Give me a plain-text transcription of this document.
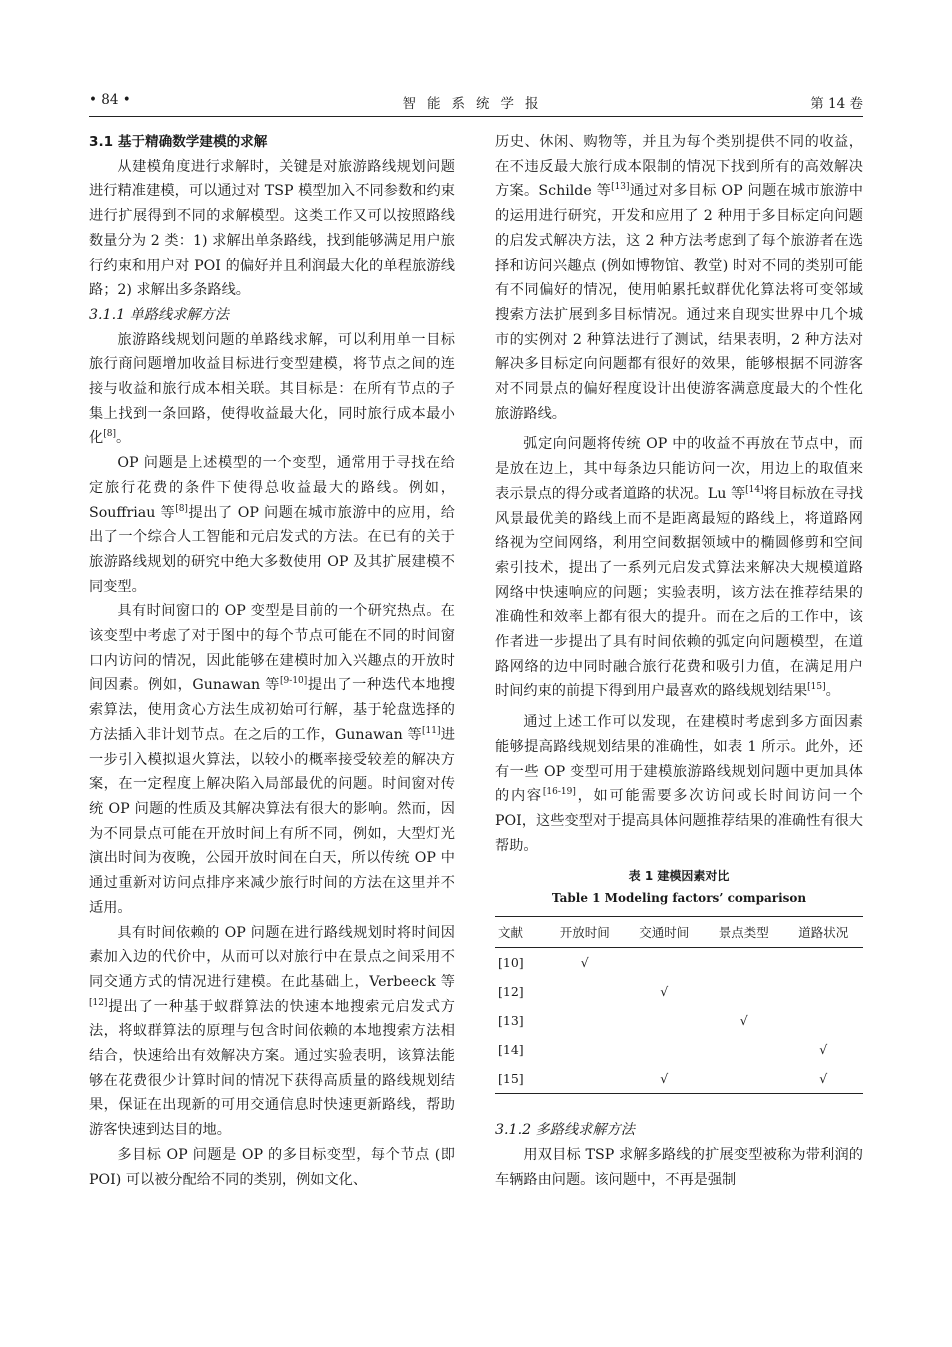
• 84 •	智能系统学报	第 14 卷

3.1 基于精确数学建模的求解

从建模角度进行求解时，关键是对旅游路线规划问题进行精准建模，可以通过对 TSP 模型加入不同参数和约束进行扩展得到不同的求解模型。这类工作又可以按照路线数量分为 2 类：1) 求解出单条路线，找到能够满足用户旅行约束和用户对 POI 的偏好并且利润最大化的单程旅游线路；2) 求解出多条路线。

3.1.1 单路线求解方法

旅游路线规划问题的单路线求解，可以利用单一目标旅行商问题增加收益目标进行变型建模，将节点之间的连接与收益和旅行成本相关联。其目标是：在所有节点的子集上找到一条回路，使得收益最大化，同时旅行成本最小化[8]。

OP 问题是上述模型的一个变型，通常用于寻找在给定旅行花费的条件下使得总收益最大的路线。例如，Souffriau 等[8]提出了 OP 问题在城市旅游中的应用，给出了一个综合人工智能和元启发式的方法。在已有的关于旅游路线规划的研究中绝大多数使用 OP 及其扩展建模不同变型。

具有时间窗口的 OP 变型是目前的一个研究热点。在该变型中考虑了对于图中的每个节点可能在不同的时间窗口内访问的情况，因此能够在建模时加入兴趣点的开放时间因素。例如，Gunawan 等[9-10]提出了一种迭代本地搜索算法，使用贪心方法生成初始可行解，基于轮盘选择的方法插入非计划节点。在之后的工作，Gunawan 等[11]进一步引入模拟退火算法，以较小的概率接受较差的解决方案，在一定程度上解决陷入局部最优的问题。时间窗对传统 OP 问题的性质及其解决算法有很大的影响。然而，因为不同景点可能在开放时间上有所不同，例如，大型灯光演出时间为夜晚，公园开放时间在白天，所以传统 OP 中通过重新对访问点排序来减少旅行时间的方法在这里并不适用。

具有时间依赖的 OP 问题在进行路线规划时将时间因素加入边的代价中，从而可以对旅行中在景点之间采用不同交通方式的情况进行建模。在此基础上，Verbeeck 等[12]提出了一种基于蚁群算法的快速本地搜索元启发式方法，将蚁群算法的原理与包含时间依赖的本地搜索方法相结合，快速给出有效解决方案。通过实验表明，该算法能够在花费很少计算时间的情况下获得高质量的路线规划结果，保证在出现新的可用交通信息时快速更新路线，帮助游客快速到达目的地。

多目标 OP 问题是 OP 的多目标变型，每个节点 (即 POI) 可以被分配给不同的类别，例如文化、

历史、休闲、购物等，并且为每个类别提供不同的收益，在不违反最大旅行成本限制的情况下找到所有的高效解决方案。Schilde 等[13]通过对多目标 OP 问题在城市旅游中的运用进行研究，开发和应用了 2 种用于多目标定向问题的启发式解决方法，这 2 种方法考虑到了每个旅游者在选择和访问兴趣点 (例如博物馆、教堂) 时对不同的类别可能有不同偏好的情况，使用帕累托蚁群优化算法将可变邻域搜索方法扩展到多目标情况。通过来自现实世界中几个城市的实例对 2 种算法进行了测试，结果表明，2 种方法对解决多目标定向问题都有很好的效果，能够根据不同游客对不同景点的偏好程度设计出使游客满意度最大的个性化旅游路线。

弧定向问题将传统 OP 中的收益不再放在节点中，而是放在边上，其中每条边只能访问一次，用边上的取值来表示景点的得分或者道路的状况。Lu 等[14]将目标放在寻找风景最优美的路线上而不是距离最短的路线上，将道路网络视为空间网络，利用空间数据领域中的椭圆修剪和空间索引技术，提出了一系列元启发式算法来解决大规模道路网络中快速响应的问题；实验表明，该方法在推荐结果的准确性和效率上都有很大的提升。而在之后的工作中，该作者进一步提出了具有时间依赖的弧定向问题模型，在道路网络的边中同时融合旅行花费和吸引力值，在满足用户时间约束的前提下得到用户最喜欢的路线规划结果[15]。

通过上述工作可以发现，在建模时考虑到多方面因素能够提高路线规划结果的准确性，如表 1 所示。此外，还有一些 OP 变型可用于建模旅游路线规划问题中更加具体的内容[16-19]，如可能需要多次访问或长时间访问一个 POI，这些变型对于提高具体问题推荐结果的准确性有很大帮助。

表 1 建模因素对比
Table 1 Modeling factors’ comparison
文献	开放时间	交通时间	景点类型	道路状况
[10]	√			
[12]		√		
[13]			√	
[14]				√
[15]		√		√

3.1.2 多路线求解方法

用双目标 TSP 求解多路线的扩展变型被称为带利润的车辆路由问题。该问题中，不再是强制
